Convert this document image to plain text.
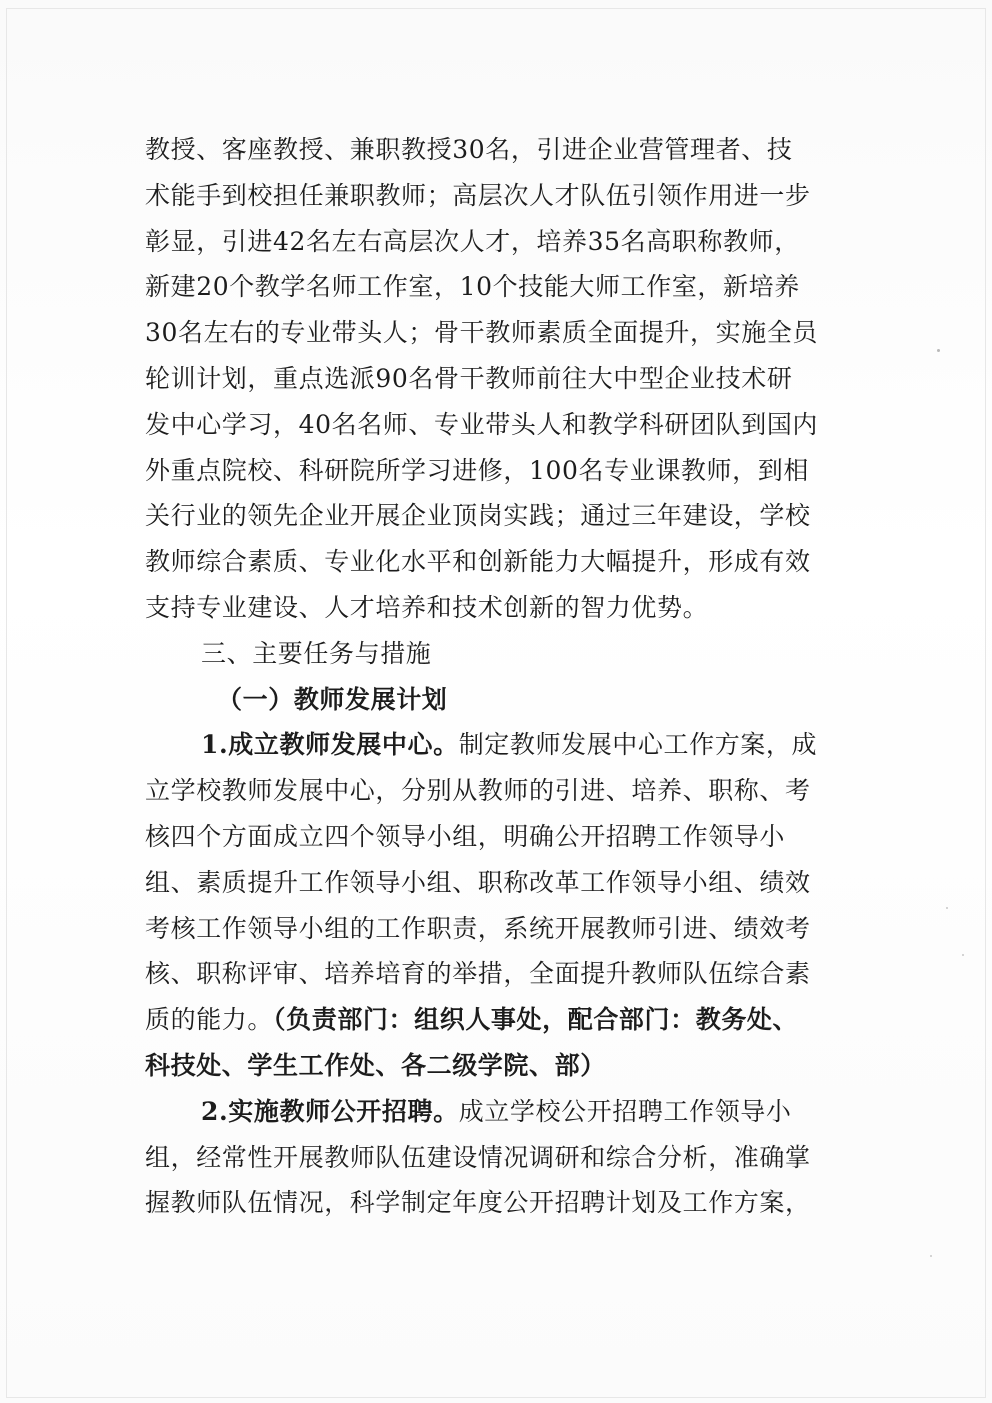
教授、客座教授、兼职教授30名，引进企业营管理者、技
术能手到校担任兼职教师；高层次人才队伍引领作用进一步
彰显，引进42名左右高层次人才，培养35名高职称教师，
新建20个教学名师工作室，10个技能大师工作室，新培养
30名左右的专业带头人；骨干教师素质全面提升，实施全员
轮训计划，重点选派90名骨干教师前往大中型企业技术研
发中心学习，40名名师、专业带头人和教学科研团队到国内
外重点院校、科研院所学习进修，100名专业课教师，到相
关行业的领先企业开展企业顶岗实践；通过三年建设，学校
教师综合素质、专业化水平和创新能力大幅提升，形成有效
支持专业建设、人才培养和技术创新的智力优势。
三、主要任务与措施
（一）教师发展计划
1.成立教师发展中心。制定教师发展中心工作方案，成
立学校教师发展中心，分别从教师的引进、培养、职称、考
核四个方面成立四个领导小组，明确公开招聘工作领导小
组、素质提升工作领导小组、职称改革工作领导小组、绩效
考核工作领导小组的工作职责，系统开展教师引进、绩效考
核、职称评审、培养培育的举措，全面提升教师队伍综合素
质的能力。（负责部门：组织人事处，配合部门：教务处、
科技处、学生工作处、各二级学院、部）
2.实施教师公开招聘。成立学校公开招聘工作领导小
组，经常性开展教师队伍建设情况调研和综合分析，准确掌
握教师队伍情况，科学制定年度公开招聘计划及工作方案，
